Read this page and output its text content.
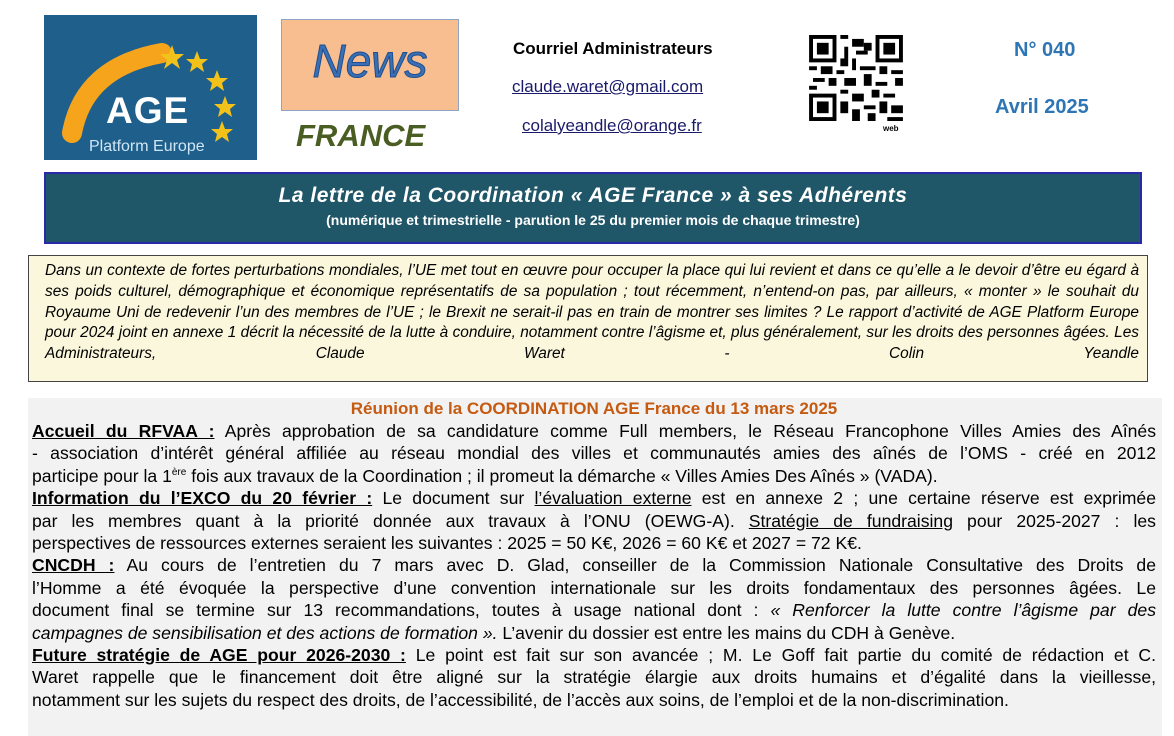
AGE
Platform Europe
News
FRANCE
Courriel Administrateurs
claude.waret@gmail.com
colalyeandle@orange.fr	web
N° 040
Avril 2025
La lettre de la Coordination « AGE France » à ses Adhérents
(numérique et trimestrielle - parution le 25 du premier mois de chaque trimestre)
Dans un contexte de fortes perturbations mondiales, l’UE met tout en œuvre pour occuper la place qui lui revient et dans ce qu’elle a le devoir d’être eu égard à ses poids culturel, démographique et économique représentatifs de sa population ; tout récemment, n’entend-on pas, par ailleurs, « monter » le souhait du Royaume Uni de redevenir l’un des membres de l’UE ; le Brexit ne serait-il pas en train de montrer ses limites ? Le rapport d’activité de AGE Platform Europe pour 2024 joint en annexe 1 décrit la nécessité de la lutte à conduire, notamment contre l’âgisme et, plus généralement, sur les droits des personnes âgées. Les Administrateurs, Claude Waret - Colin Yeandle
Réunion de la COORDINATION AGE France du 13 mars 2025
Accueil du RFVAA : Après approbation de sa candidature comme Full members, le Réseau Francophone Villes Amies des Aînés
- association d’intérêt général affiliée au réseau mondial des villes et communautés amies des aînés de l’OMS - créé en 2012
participe pour la 1ère fois aux travaux de la Coordination ; il promeut la démarche « Villes Amies Des Aînés » (VADA).
Information du l’EXCO du 20 février : Le document sur l’évaluation externe est en annexe 2 ; une certaine réserve est exprimée
par les membres quant à la priorité donnée aux travaux à l’ONU (OEWG-A). Stratégie de fundraising pour 2025-2027 : les
perspectives de ressources externes seraient les suivantes : 2025 = 50 K€, 2026 = 60 K€ et 2027 = 72 K€.
CNCDH : Au cours de l’entretien du 7 mars avec D. Glad, conseiller de la Commission Nationale Consultative des Droits de
l’Homme a été évoquée la perspective d’une convention internationale sur les droits fondamentaux des personnes âgées. Le
document final se termine sur 13 recommandations, toutes à usage national dont : « Renforcer la lutte contre l’âgisme par des
campagnes de sensibilisation et des actions de formation ». L’avenir du dossier est entre les mains du CDH à Genève.
Future stratégie de AGE pour 2026-2030 : Le point est fait sur son avancée ; M. Le Goff fait partie du comité de rédaction et C.
Waret rappelle que le financement doit être aligné sur la stratégie élargie aux droits humains et d’égalité dans la vieillesse,
notamment sur les sujets du respect des droits, de l’accessibilité, de l’accès aux soins, de l’emploi et de la non-discrimination.
